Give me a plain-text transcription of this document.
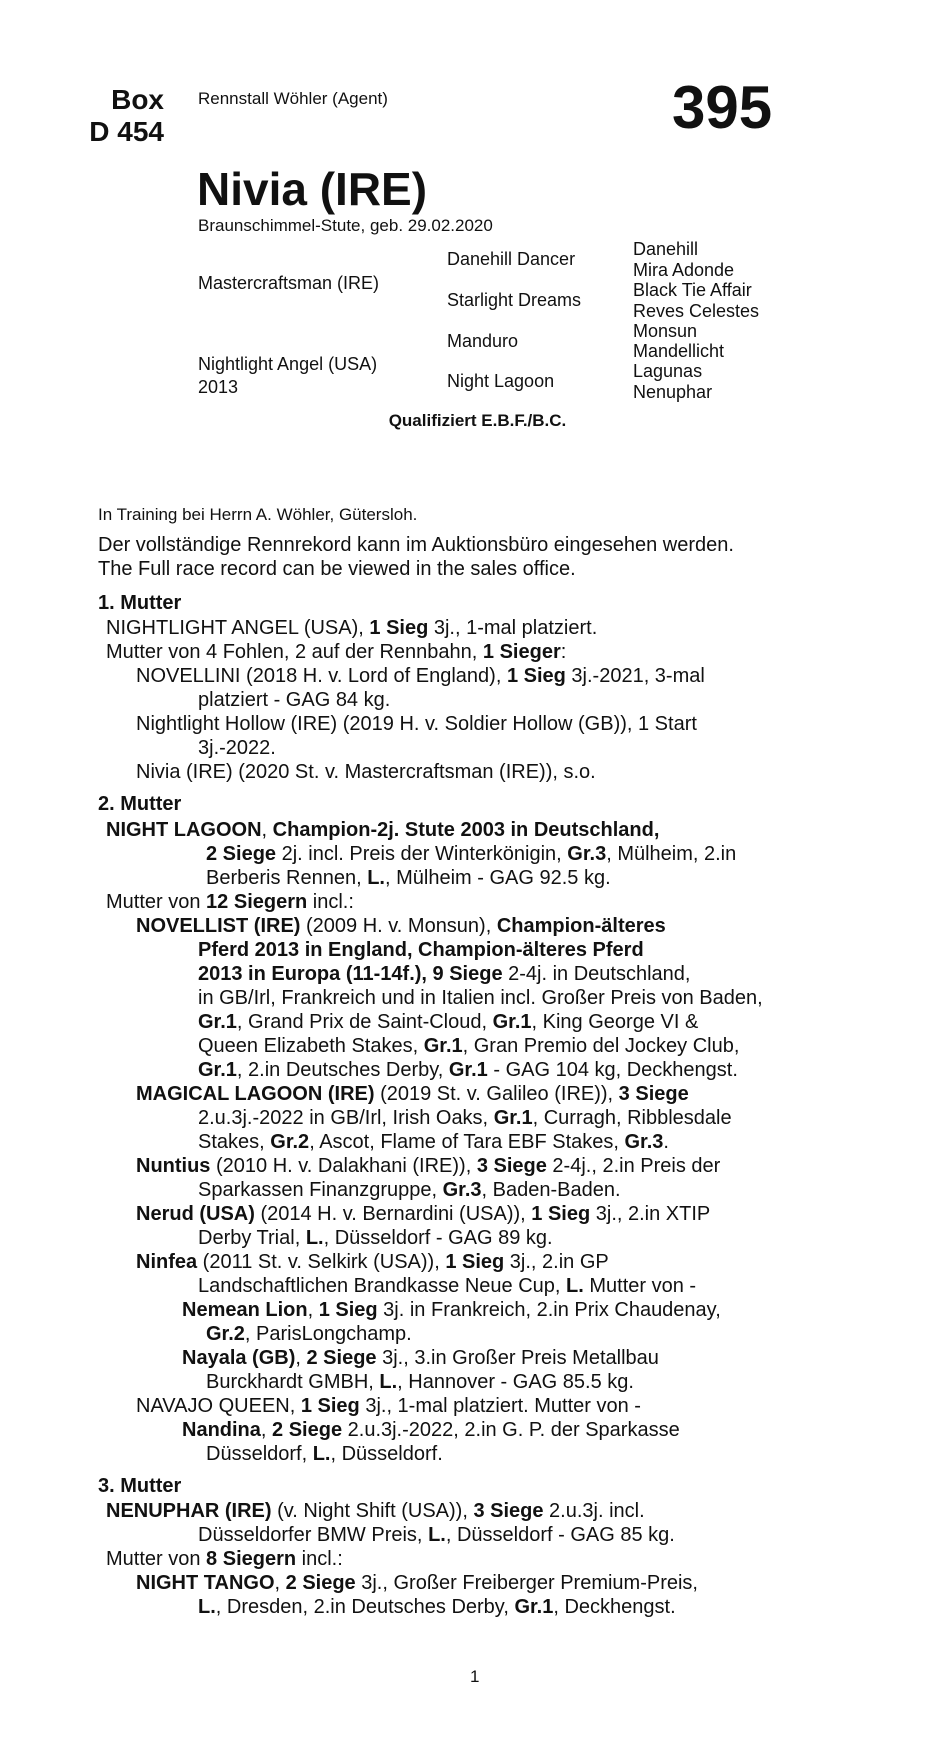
Box
D 454
Rennstall Wöhler (Agent)	395
Nivia (IRE)
Braunschimmel-Stute, geb. 29.02.2020
Mastercraftsman (IRE)
Nightlight Angel (USA)
2013
Danehill Dancer
Starlight Dreams
Manduro
Night Lagoon
Danehill
Mira Adonde
Black Tie Affair
Reves Celestes
Monsun
Mandellicht
Lagunas
Nenuphar
Qualifiziert E.B.F./B.C.
In Training bei Herrn A. Wöhler, Gütersloh.
Der vollständige Rennrekord kann im Auktionsbüro eingesehen werden.
The Full race record can be viewed in the sales office.
1. Mutter
NIGHTLIGHT ANGEL (USA), 1 Sieg 3j., 1-mal platziert.
Mutter von 4 Fohlen, 2 auf der Rennbahn, 1 Sieger:
NOVELLINI (2018 H. v. Lord of England), 1 Sieg 3j.-2021, 3-mal
platziert - GAG 84 kg.
Nightlight Hollow (IRE) (2019 H. v. Soldier Hollow (GB)), 1 Start
3j.-2022.
Nivia (IRE) (2020 St. v. Mastercraftsman (IRE)), s.o.
2. Mutter
NIGHT LAGOON, Champion-2j. Stute 2003 in Deutschland,
2 Siege 2j. incl. Preis der Winterkönigin, Gr.3, Mülheim, 2.in
Berberis Rennen, L., Mülheim - GAG 92.5 kg.
Mutter von 12 Siegern incl.:
NOVELLIST (IRE) (2009 H. v. Monsun), Champion-älteres
Pferd 2013 in England, Champion-älteres Pferd
2013 in Europa (11-14f.), 9 Siege 2-4j. in Deutschland,
in GB/Irl, Frankreich und in Italien incl. Großer Preis von Baden,
Gr.1, Grand Prix de Saint-Cloud, Gr.1, King George VI &
Queen Elizabeth Stakes, Gr.1, Gran Premio del Jockey Club,
Gr.1, 2.in Deutsches Derby, Gr.1 - GAG 104 kg, Deckhengst.
MAGICAL LAGOON (IRE) (2019 St. v. Galileo (IRE)), 3 Siege
2.u.3j.-2022 in GB/Irl, Irish Oaks, Gr.1, Curragh, Ribblesdale
Stakes, Gr.2, Ascot, Flame of Tara EBF Stakes, Gr.3.
Nuntius (2010 H. v. Dalakhani (IRE)), 3 Siege 2-4j., 2.in Preis der
Sparkassen Finanzgruppe, Gr.3, Baden-Baden.
Nerud (USA) (2014 H. v. Bernardini (USA)), 1 Sieg 3j., 2.in XTIP
Derby Trial, L., Düsseldorf - GAG 89 kg.
Ninfea (2011 St. v. Selkirk (USA)), 1 Sieg 3j., 2.in GP
Landschaftlichen Brandkasse Neue Cup, L. Mutter von -
Nemean Lion, 1 Sieg 3j. in Frankreich, 2.in Prix Chaudenay,
Gr.2, ParisLongchamp.
Nayala (GB), 2 Siege 3j., 3.in Großer Preis Metallbau
Burckhardt GMBH, L., Hannover - GAG 85.5 kg.
NAVAJO QUEEN, 1 Sieg 3j., 1-mal platziert. Mutter von -
Nandina, 2 Siege 2.u.3j.-2022, 2.in G. P. der Sparkasse
Düsseldorf, L., Düsseldorf.
3. Mutter
NENUPHAR (IRE) (v. Night Shift (USA)), 3 Siege 2.u.3j. incl.
Düsseldorfer BMW Preis, L., Düsseldorf - GAG 85 kg.
Mutter von 8 Siegern incl.:
NIGHT TANGO, 2 Siege 3j., Großer Freiberger Premium-Preis,
L., Dresden, 2.in Deutsches Derby, Gr.1, Deckhengst.
1
